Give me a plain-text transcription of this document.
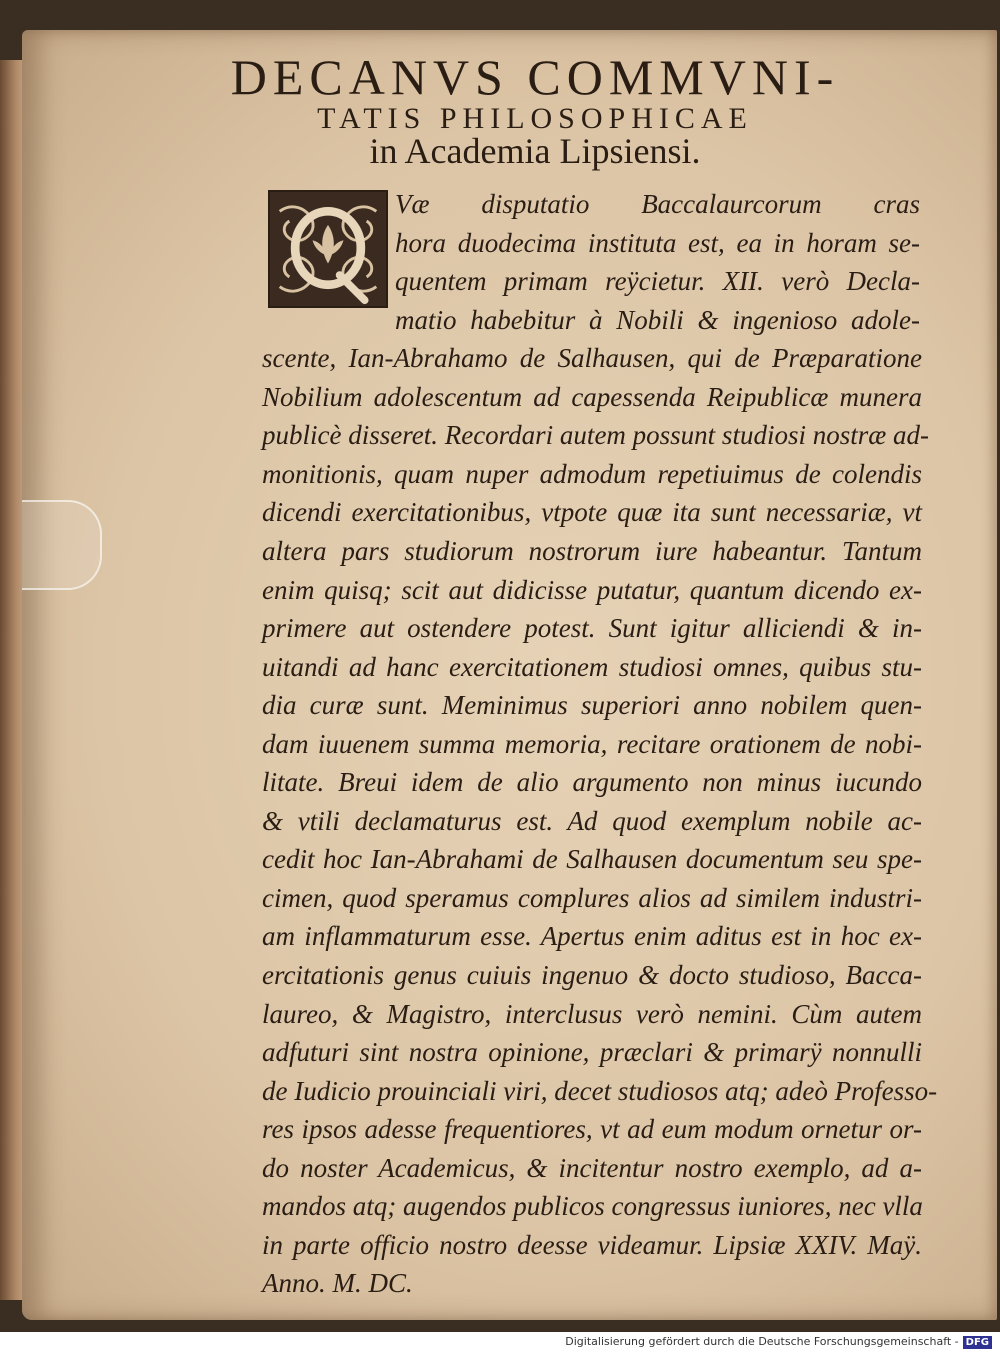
DECANVS COMMVNI-
TATIS PHILOSOPHICAE
in Academia Lipsiensi.
Væ disputatio Baccalaurcorum cras
hora duodecima instituta est, ea in horam se-
quentem primam reÿcietur. XII. verò Decla-
matio habebitur à Nobili & ingenioso adole-
scente, Ian-Abrahamo de Salhausen, qui de Præparatione
Nobilium adolescentum ad capessenda Reipublicæ munera
publicè disseret. Recordari autem possunt studiosi nostræ ad-
monitionis, quam nuper admodum repetiuimus de colendis
dicendi exercitationibus, vtpote quæ ita sunt necessariæ, vt
altera pars studiorum nostrorum iure habeantur. Tantum
enim quisq; scit aut didicisse putatur, quantum dicendo ex-
primere aut ostendere potest. Sunt igitur alliciendi & in-
uitandi ad hanc exercitationem studiosi omnes, quibus stu-
dia curæ sunt. Meminimus superiori anno nobilem quen-
dam iuuenem summa memoria, recitare orationem de nobi-
litate. Breui idem de alio argumento non minus iucundo
& vtili declamaturus est. Ad quod exemplum nobile ac-
cedit hoc Ian-Abrahami de Salhausen documentum seu spe-
cimen, quod speramus complures alios ad similem industri-
am inflammaturum esse. Apertus enim aditus est in hoc ex-
ercitationis genus cuiuis ingenuo & docto studioso, Bacca-
laureo, & Magistro, interclusus verò nemini. Cùm autem
adfuturi sint nostra opinione, præclari & primarÿ nonnulli
de Iudicio prouinciali viri, decet studiosos atq; adeò Professo-
res ipsos adesse frequentiores, vt ad eum modum ornetur or-
do noster Academicus, & incitentur nostro exemplo, ad a-
mandos atq; augendos publicos congressus iuniores, nec vlla
in parte officio nostro deesse videamur. Lipsiæ XXIV. Maÿ.
Anno. M. DC.
Digitalisierung gefördert durch die Deutsche Forschungsgemeinschaft - DFG
